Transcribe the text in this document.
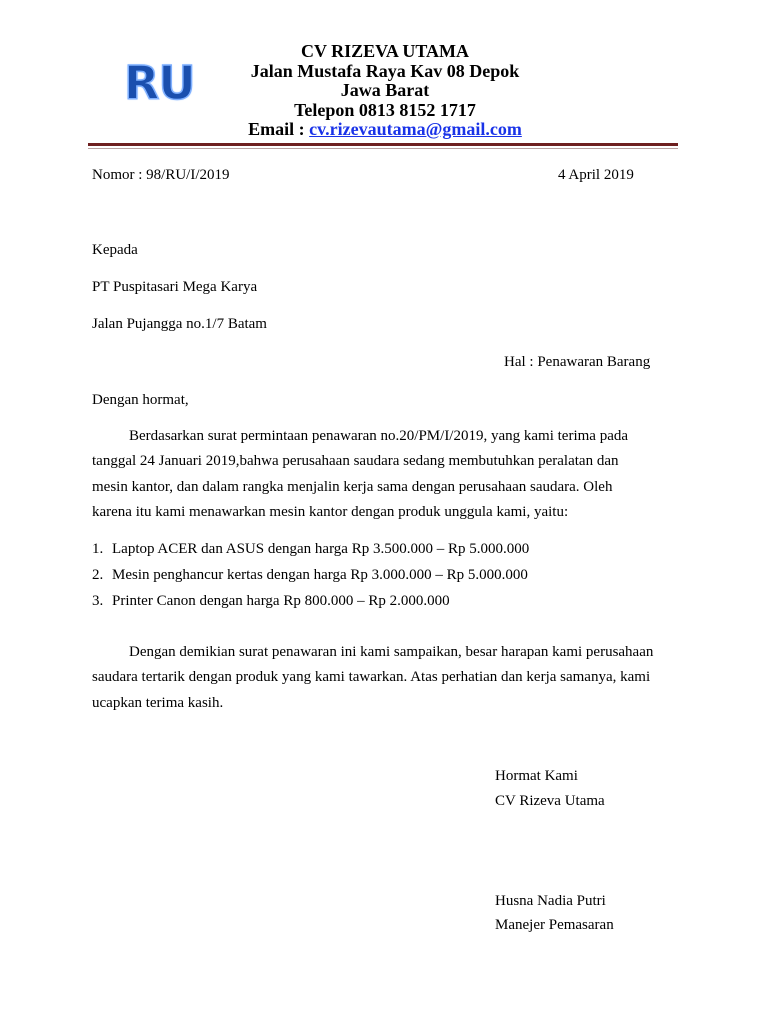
RU
CV RIZEVA UTAMA
Jalan Mustafa Raya Kav 08 Depok
Jawa Barat
Telepon 0813 8152 1717
Email : cv.rizevautama@gmail.com
Nomor : 98/RU/I/2019	4 April 2019
Kepada
PT Puspitasari Mega Karya
Jalan Pujangga no.1/7 Batam
Hal : Penawaran Barang
Dengan hormat,
Berdasarkan surat permintaan penawaran no.20/PM/I/2019, yang kami terima pada
tanggal 24 Januari 2019,bahwa perusahaan saudara sedang membutuhkan peralatan dan
mesin kantor, dan dalam rangka menjalin kerja sama dengan perusahaan saudara. Oleh
karena itu kami menawarkan mesin kantor dengan produk unggula kami, yaitu:
1. Laptop ACER dan ASUS dengan harga Rp 3.500.000 – Rp 5.000.000
2. Mesin penghancur kertas dengan harga Rp 3.000.000 – Rp 5.000.000
3. Printer Canon dengan harga Rp 800.000 – Rp 2.000.000
Dengan demikian surat penawaran ini kami sampaikan, besar harapan kami perusahaan
saudara tertarik dengan produk yang kami tawarkan. Atas perhatian dan kerja samanya, kami
ucapkan terima kasih.
Hormat Kami
CV Rizeva Utama
Husna Nadia Putri
Manejer Pemasaran
